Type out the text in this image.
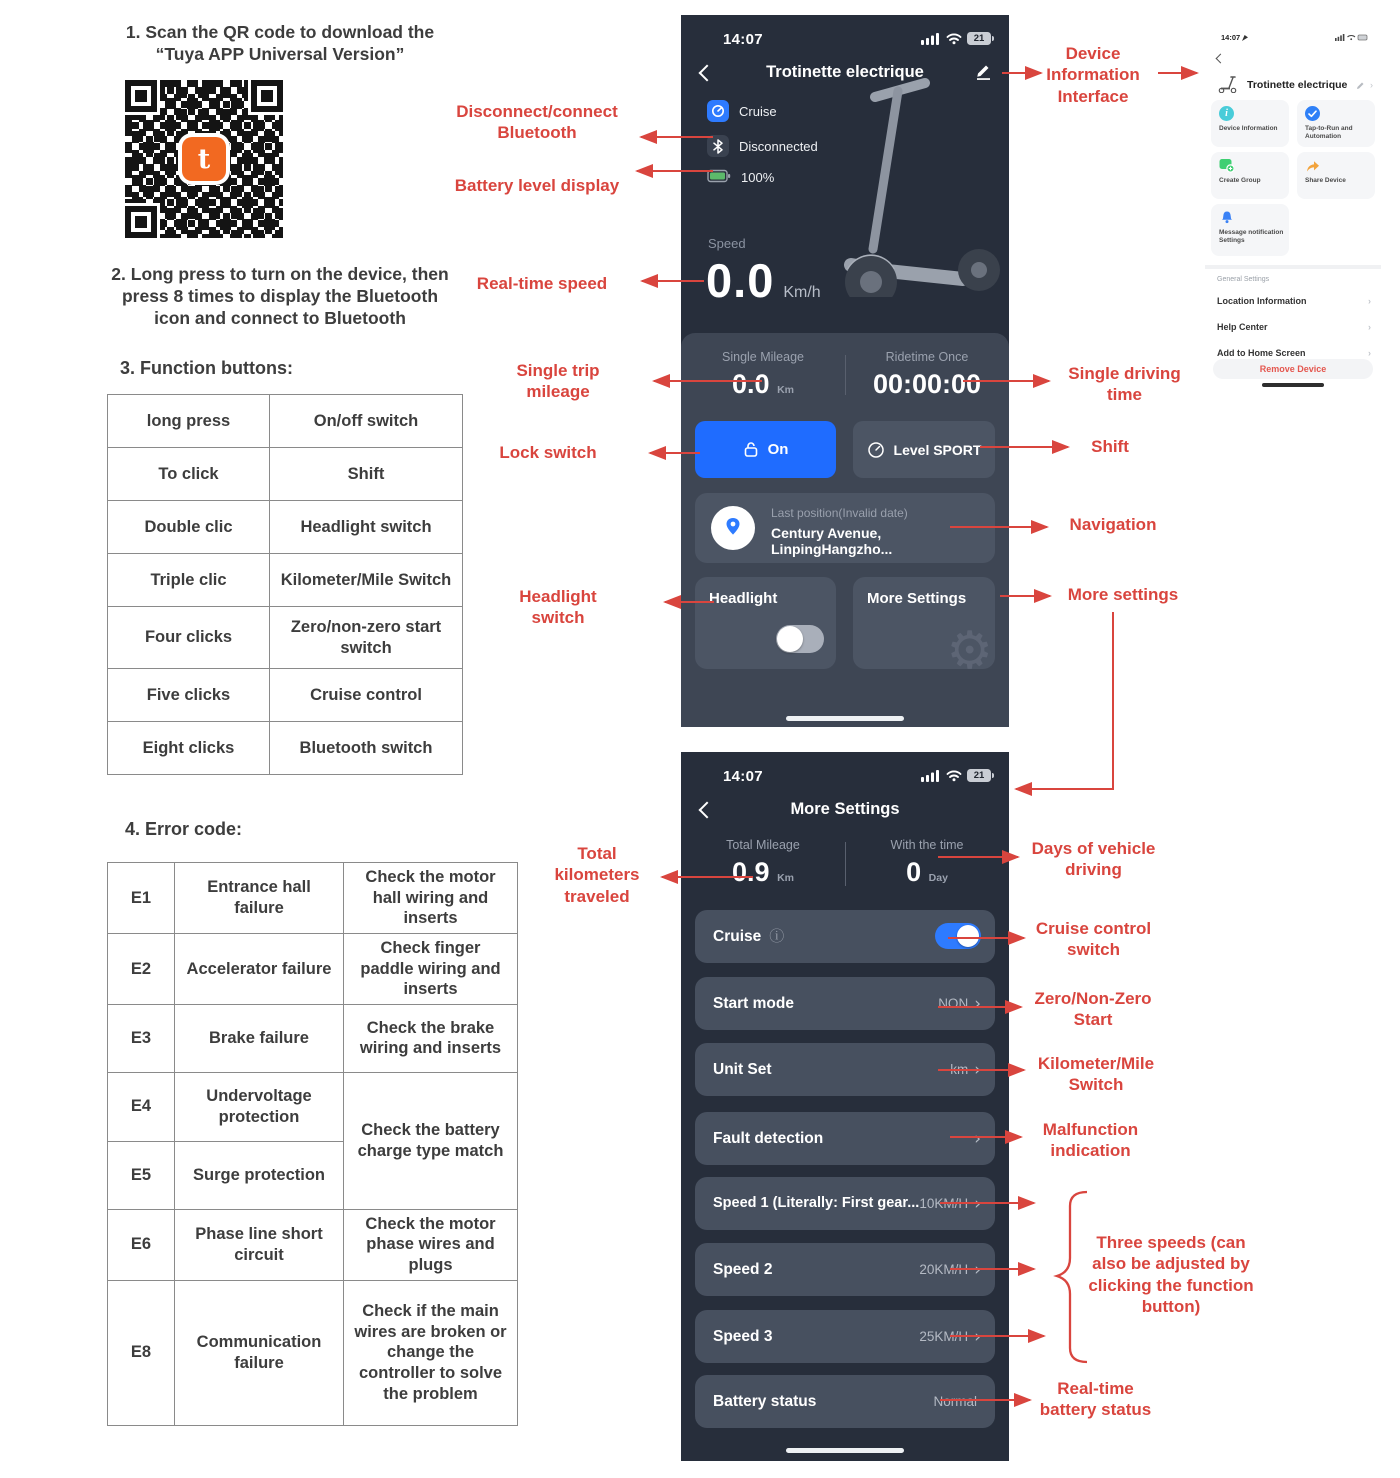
1. Scan the QR code to download the
“Tuya APP Universal Version”
t
2. Long press to turn on the device, then
press 8 times to display the Bluetooth
icon and connect to Bluetooth
3. Function buttons:
long press	On/off switch
To click	Shift
Double clic	Headlight switch
Triple clic	Kilometer/Mile Switch
Four clicks	Zero/non-zero start switch
Five clicks	Cruise control
Eight clicks	Bluetooth switch
4. Error code:
E1	Entrance hall failure	Check the motor hall wiring and inserts
E2	Accelerator failure	Check finger paddle wiring and inserts
E3	Brake failure	Check the brake wiring and inserts
E4	Undervoltage protection	Check the battery charge type match
E5	Surge protection	
E6	Phase line short circuit	Check the motor phase wires and plugs
E8	Communication failure	Check if the main wires are broken or change the controller to solve the problem
14:07	21
Trotinette electrique
Cruise
Disconnected
100%
Speed
0.0 Km/h
Single Mileage	Ridetime Once
0.0 Km	00:00:00
On	Level SPORT
Last position(Invalid date)
Century Avenue, LinpingHangzho...
Headlight	More Settings
⚙
14:07	21
More Settings
Total Mileage	With the time
0.9 Km	0 Day
Cruise ⓘ
Start mode	NON ›
Unit Set	km ›
Fault detection	›
Speed 1 (Literally: First gear... 10KM/H ›
Speed 2	20KM/H ›
Speed 3	25KM/H ›
Battery status	Normal
14:07
Trotinette electrique	›
i
Device Information	Tap-to-Run and
Automation
Create Group	Share Device
Message notification
Settings
General Settings
Location Information	›
Help Center	›
Add to Home Screen	›
Remove Device
Disconnect/connect
Bluetooth
Battery level display
Real-time speed
Single trip
mileage
Lock switch
Headlight
switch
Device
Information
Interface
Single driving
time
Shift
Navigation
More settings
Total
kilometers
traveled
Days of vehicle
driving
Cruise control
switch
Zero/Non-Zero
Start
Kilometer/Mile
Switch
Malfunction
indication
Three speeds (can
also be adjusted by
clicking the function
button)
Real-time
battery status
